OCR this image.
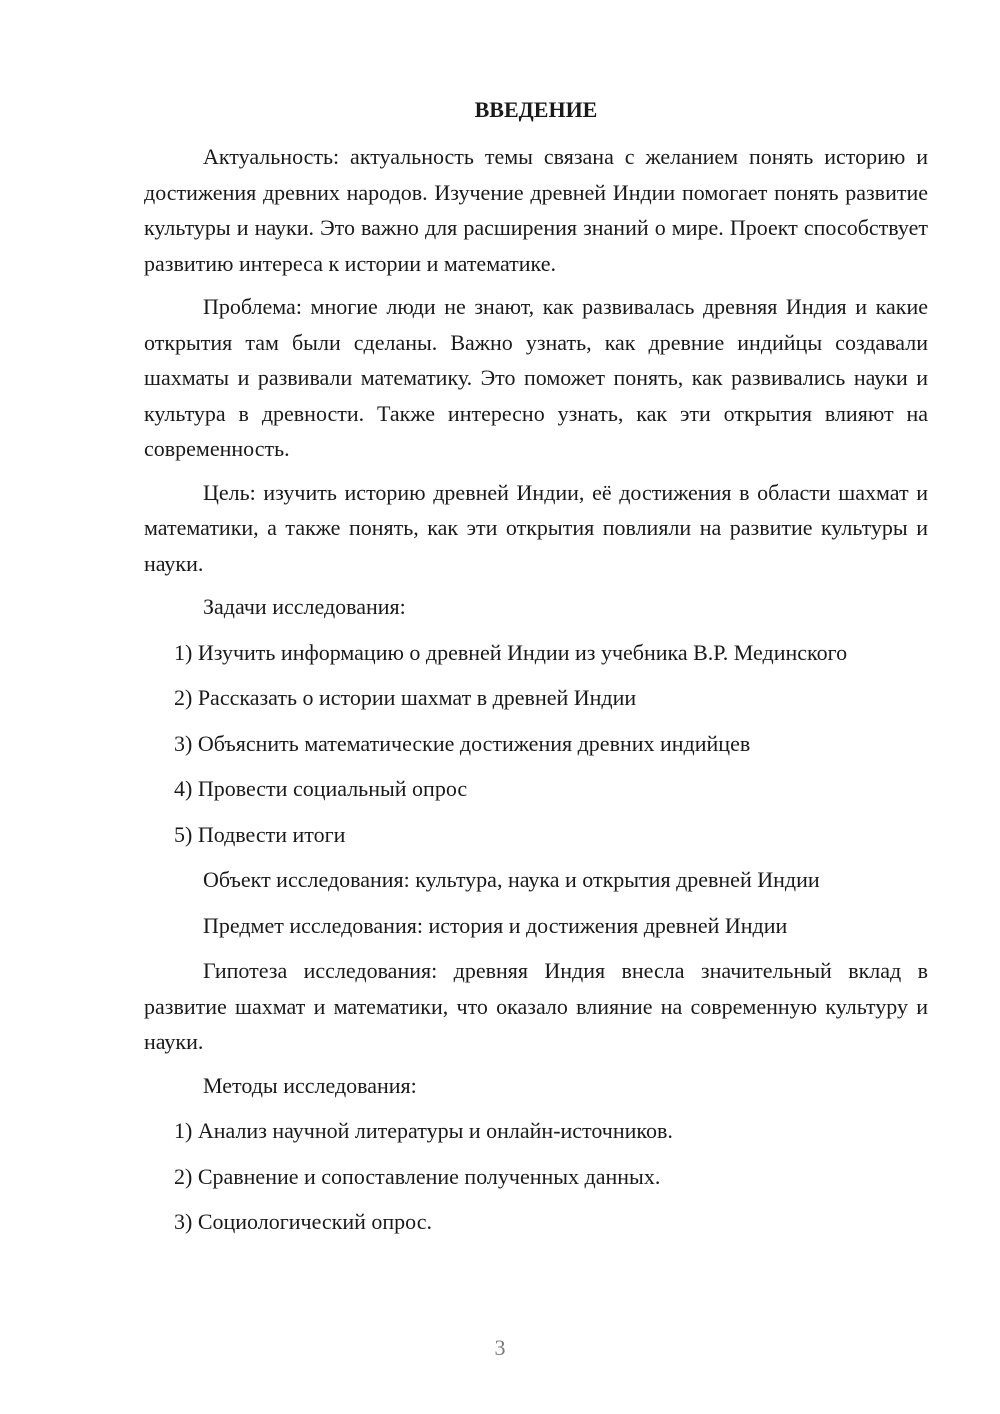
ВВЕДЕНИЕ

Актуальность: актуальность темы связана с желанием понять историю и достижения древних народов. Изучение древней Индии помогает понять развитие культуры и науки. Это важно для расширения знаний о мире. Проект способствует развитию интереса к истории и математике.

Проблема: многие люди не знают, как развивалась древняя Индия и какие открытия там были сделаны. Важно узнать, как древние индийцы создавали шахматы и развивали математику. Это поможет понять, как развивались науки и культура в древности. Также интересно узнать, как эти открытия влияют на современность.

Цель: изучить историю древней Индии, её достижения в области шахмат и математики, а также понять, как эти открытия повлияли на развитие культуры и науки.

Задачи исследования:

1) Изучить информацию о древней Индии из учебника В.Р. Мединского

2) Рассказать о истории шахмат в древней Индии
3) Объяснить математические достижения древних индийцев
4) Провести социальный опрос
5) Подвести итоги
Объект исследования: культура, наука и открытия древней Индии
Предмет исследования: история и достижения древней Индии

Гипотеза исследования: древняя Индия внесла значительный вклад в развитие шахмат и математики, что оказало влияние на современную культуру и науки.

Методы исследования:
1) Анализ научной литературы и онлайн-источников.
2) Сравнение и сопоставление полученных данных.
3) Социологический опрос.
3
